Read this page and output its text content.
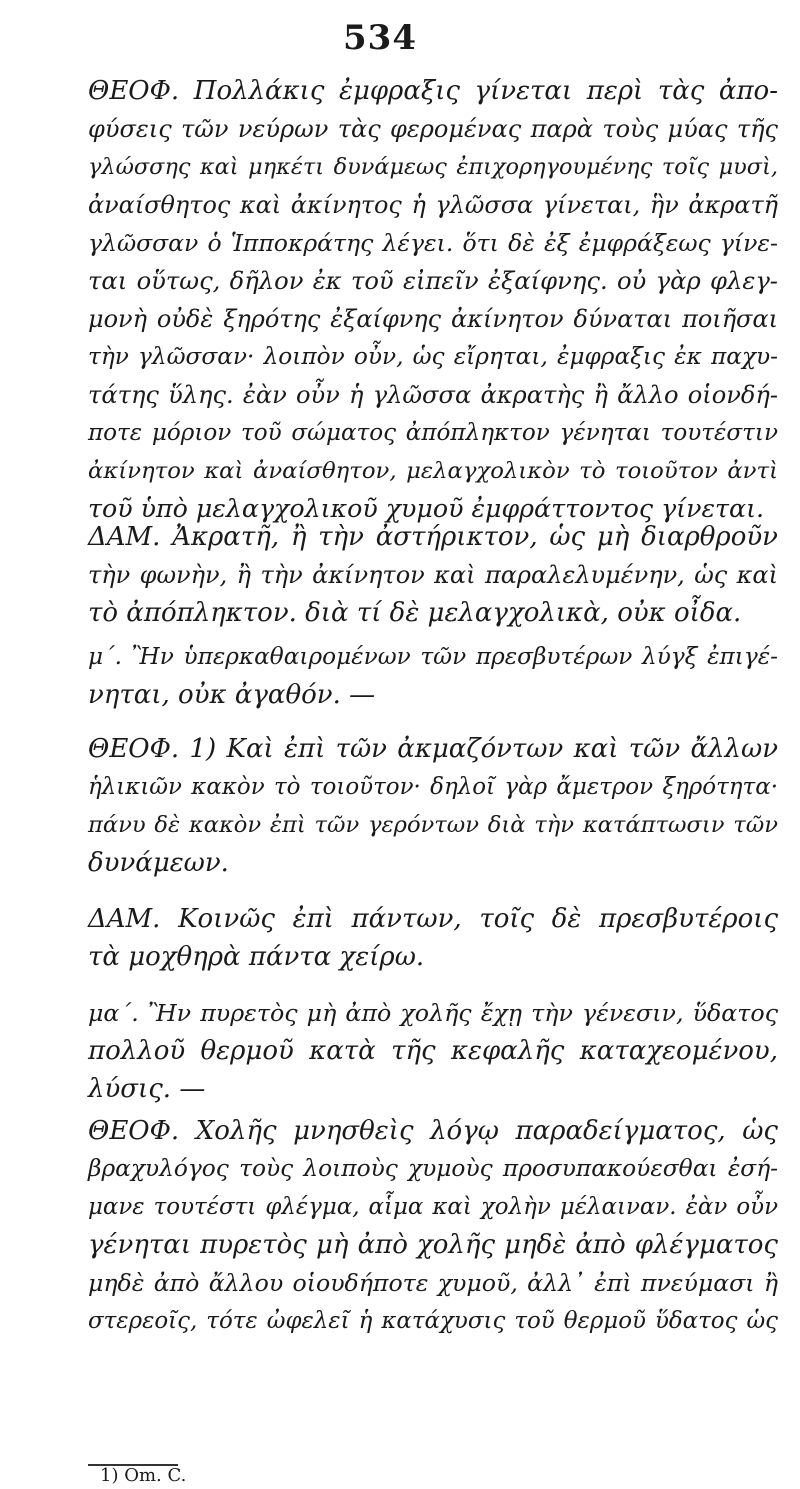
534
ΘΕΟΦ. Πολλάκις ἐμφραξις γίνεται περὶ τὰς ἀπο-
φύσεις τῶν νεύρων τὰς φερομένας παρὰ τοὺς μύας τῆς
γλώσσης καὶ μηκέτι δυνάμεως ἐπιχορηγουμένης τοῖς μυσὶ,
ἀναίσθητος καὶ ἀκίνητος ἡ γλῶσσα γίνεται, ἣν ἀκρατῆ
γλῶσσαν ὁ Ἱπποκράτης λέγει. ὅτι δὲ ἐξ ἐμφράξεως γίνε-
ται οὕτως, δῆλον ἐκ τοῦ εἰπεῖν ἐξαίφνης. οὐ γὰρ φλεγ-
μονὴ οὐδὲ ξηρότης ἐξαίφνης ἀκίνητον δύναται ποιῆσαι
τὴν γλῶσσαν· λοιπὸν οὖν, ὡς εἴρηται, ἐμφραξις ἐκ παχυ-
τάτης ὕλης. ἐὰν οὖν ἡ γλῶσσα ἀκρατὴς ἢ ἄλλο οἱονδή-
ποτε μόριον τοῦ σώματος ἀπόπληκτον γένηται τουτέστιν
ἀκίνητον καὶ ἀναίσθητον, μελαγχολικὸν τὸ τοιοῦτον ἀντὶ
τοῦ ὑπὸ μελαγχολικοῦ χυμοῦ ἐμφράττοντος γίνεται.
ΔΑΜ. Ἀκρατῆ, ἢ τὴν ἀστήρικτον, ὡς μὴ διαρθροῦν
τὴν φωνὴν, ἢ τὴν ἀκίνητον καὶ παραλελυμένην, ὡς καὶ
τὸ ἀπόπληκτον. διὰ τί δὲ μελαγχολικὰ, οὐκ οἶδα.
μ΄. Ἢν ὑπερκαθαιρομένων τῶν πρεσβυτέρων λύγξ ἐπιγέ-
νηται, οὐκ ἀγαθόν. —
ΘΕΟΦ. 1) Καὶ ἐπὶ τῶν ἀκμαζόντων καὶ τῶν ἄλλων
ἡλικιῶν κακὸν τὸ τοιοῦτον· δηλοῖ γὰρ ἄμετρον ξηρότητα·
πάνυ δὲ κακὸν ἐπὶ τῶν γερόντων διὰ τὴν κατάπτωσιν τῶν
δυνάμεων.
ΔΑΜ. Κοινῶς ἐπὶ πάντων, τοῖς δὲ πρεσβυτέροις
τὰ μοχθηρὰ πάντα χείρω.
μα΄. Ἢν πυρετὸς μὴ ἀπὸ χολῆς ἔχῃ τὴν γένεσιν, ὕδατος
πολλοῦ θερμοῦ κατὰ τῆς κεφαλῆς καταχεομένου,
λύσις. —
ΘΕΟΦ. Χολῆς μνησθεὶς λόγῳ παραδείγματος, ὡς
βραχυλόγος τοὺς λοιποὺς χυμοὺς προσυπακούεσθαι ἐσή-
μανε τουτέστι φλέγμα, αἷμα καὶ χολὴν μέλαιναν. ἐὰν οὖν
γένηται πυρετὸς μὴ ἀπὸ χολῆς μηδὲ ἀπὸ φλέγματος
μηδὲ ἀπὸ ἄλλου οἱουδήποτε χυμοῦ, ἀλλ᾽ ἐπὶ πνεύμασι ἢ
στερεοῖς, τότε ὠφελεῖ ἡ κατάχυσις τοῦ θερμοῦ ὕδατος ὡς
1) Om. C.
